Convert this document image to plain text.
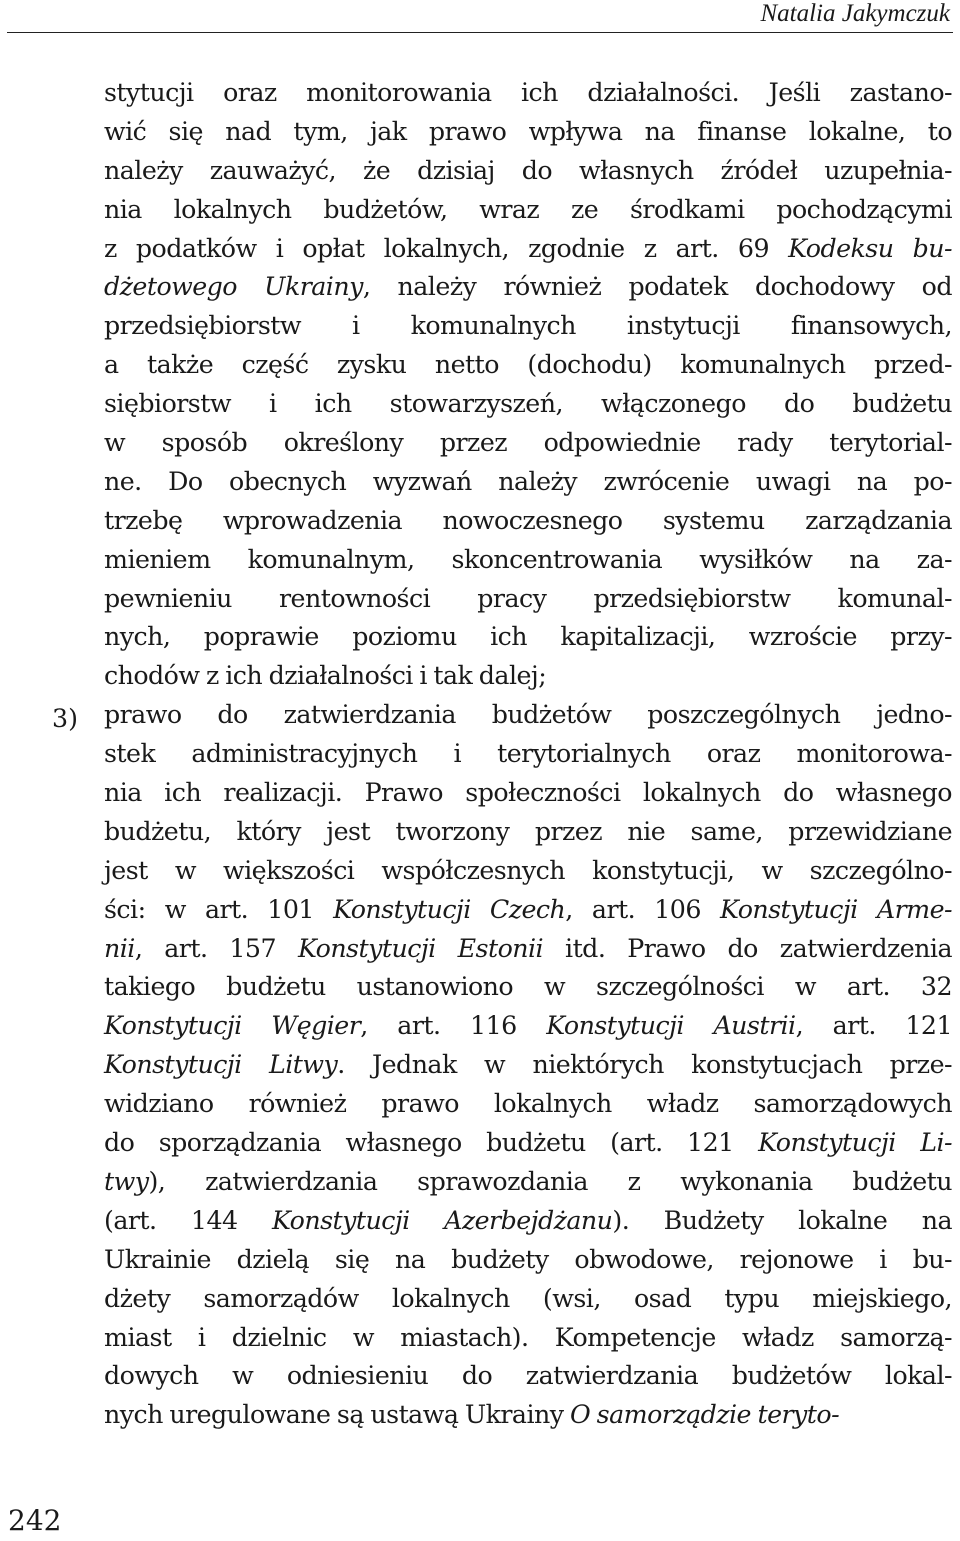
Natalia Jakymczuk
3)
stytucji oraz monitorowania ich działalności. Jeśli zastano-
wić się nad tym, jak prawo wpływa na finanse lokalne, to
należy zauważyć, że dzisiaj do własnych źródeł uzupełnia-
nia lokalnych budżetów, wraz ze środkami pochodzącymi
z podatków i opłat lokalnych, zgodnie z art. 69 Kodeksu bu-
dżetowego Ukrainy, należy również podatek dochodowy od
przedsiębiorstw i komunalnych instytucji finansowych,
a także część zysku netto (dochodu) komunalnych przed-
siębiorstw i ich stowarzyszeń, włączonego do budżetu
w sposób określony przez odpowiednie rady terytorial-
ne. Do obecnych wyzwań należy zwrócenie uwagi na po-
trzebę wprowadzenia nowoczesnego systemu zarządzania
mieniem komunalnym, skoncentrowania wysiłków na za-
pewnieniu rentowności pracy przedsiębiorstw komunal-
nych, poprawie poziomu ich kapitalizacji, wzroście przy-
chodów z ich działalności i tak dalej;
prawo do zatwierdzania budżetów poszczególnych jedno-
stek administracyjnych i terytorialnych oraz monitorowa-
nia ich realizacji. Prawo społeczności lokalnych do własnego
budżetu, który jest tworzony przez nie same, przewidziane
jest w większości współczesnych konstytucji, w szczególno-
ści: w art. 101 Konstytucji Czech, art. 106 Konstytucji Arme-
nii, art. 157 Konstytucji Estonii itd. Prawo do zatwierdzenia
takiego budżetu ustanowiono w szczególności w art. 32
Konstytucji Węgier, art. 116 Konstytucji Austrii, art. 121
Konstytucji Litwy. Jednak w niektórych konstytucjach prze-
widziano również prawo lokalnych władz samorządowych
do sporządzania własnego budżetu (art. 121 Konstytucji Li-
twy), zatwierdzania sprawozdania z wykonania budżetu
(art. 144 Konstytucji Azerbejdżanu). Budżety lokalne na
Ukrainie dzielą się na budżety obwodowe, rejonowe i bu-
dżety samorządów lokalnych (wsi, osad typu miejskiego,
miast i dzielnic w miastach). Kompetencje władz samorzą-
dowych w odniesieniu do zatwierdzania budżetów lokal-
nych uregulowane są ustawą Ukrainy O samorządzie teryto-
242
